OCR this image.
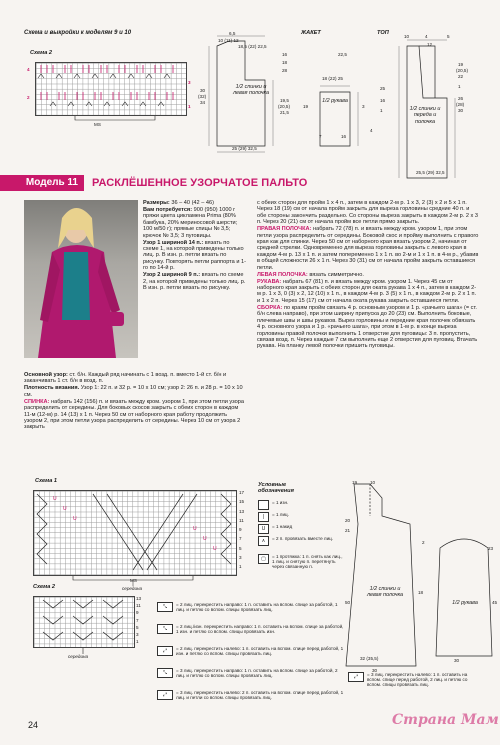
Схема и выкройки к моделям 9 и 10
Схема 2
4
2
3
1
MS
ЖАКЕТ	ТОП
6,5
10 (11) 12
18,5 (22) 22,5
16
18
28
30
(32)
34	19,5
(20,5)
21,5
25 (29) 32,5
22,5
18 (22) 25
19	3
7	16
4
25
16
1
10	4	5
12
19
(20,5)
22
1
26
(28)
30
25,5 (29) 32,5
1/2 спинки и левая полочка
1/2 рукава
1/2 спинки и переда и полочка
Модель 11	РАСКЛЁШЕННОЕ УЗОРЧАТОЕ ПАЛЬТО

Размеры: 36 – 40 (42 – 46)

Вам потребуется: 900 (950) 1000 г пряжи цвета цикламена Prima (80% бамбука, 20% мериносовой шерсти; 100 м/50 г); прямые спицы № 3,5; крючок № 3,5; 3 пуговицы.

Узор 1 шириной 14 п.: вязать по схеме 1, на которой приведены только лиц. р. В изн. р. петли вязать по рисунку. Повторять петли раппорта и 1-го по 14-й р.

Узор 2 шириной 9 п.: вязать по схеме 2, на которой приведены только лиц. р. В изн. р. петли вязать по рисунку.

Основной узор: ст. б/н. Каждый ряд начинать с 1 возд. п. вместо 1-й ст. б/н и заканчивать 1 ст. б/н в возд. п.

Плотность вязания. Узор 1: 22 п. и 32 р. = 10 х 10 см; узор 2: 26 п. и 28 р. = 10 х 10 см.

СПИНКА: набрать 142 (156) п. и вязать между кром. узором 1, при этом петли узора распределить от середины. Для боковых скосов закрыть с обеих сторон в каждом 11-м (12-м) р. 14 (13) х 1 п. Через 50 см от наборного края работу продолжить узором 2, при этом петли узора распределить от середины. Через 10 см от узора 2 закрыть

с обеих сторон для пройм 1 х 4 п., затем в каждом 2-м р. 1 х 3, 2 (3) х 2 и 5 х 1 п. Через 18 (19) см от начала пройм закрыть для выреза горловины средние 40 п. и обе стороны закончить раздельно. Со стороны выреза закрыть в каждом 2-м р. 2 х 3 п. Через 20 (21) см от начала пройм все петли прямо закрыть.

ПРАВАЯ ПОЛОЧКА: набрать 72 (78) п. и вязать между кром. узором 1, при этом петли узора распределить от середины. Боковой скос и пройму выполнить с правого края как для спинки. Через 50 см от наборного края вязать узором 2, начиная от средней стрелки. Одновременно для выреза горловины закрыть с левого края в каждом 4-м р. 13 х 1 п. и затем попеременно 1 х 1 п. во 2-м и 1 х 1 п. в 4-м р., убавив в общей сложности 26 х 1 п. Через 30 (31) см от начала пройм закрыть оставшиеся петли.

ЛЕВАЯ ПОЛОЧКА: вязать симметрично.

РУКАВА: набрать 67 (81) п. и вязать между кром. узором 1. Через 45 см от наборного края закрыть с обеих сторон для оката рукава 1 х 4 п., затем в каждом 2-м р. 1 х 3, 0 (3) х 2, 12 (10) х 1 п., в каждом 4-м р. 3 (5) х 1 п., в каждом 2-м р. 2 х 1 п. и 1 х 2 п. Через 15 (17) см от начала оката рукава закрыть оставшиеся петли.

СБОРКА: по краям пройм связать 4 р. основным узором и 1 р. «рачьего шага» (= ст. б/н слева направо), при этом ширину припуска до 20 (23) см. Выполнить боковые, плечевые швы и швы рукавов. Вырез горловины и передние края полочек обвязать 4 р. основного узора и 1 р. «рачьего шага», при этом в 1-м р. в конце выреза горловины правой полочки выполнить 1 отверстие для пуговицы: 3 п. пропустить, связав возд. п. Через каждые 7 см выполнить еще 2 отверстия для пуговиц. Втачать рукава. На планку левой полочки пришить пуговицы.

Схема 1
U
U
U
U
U
U
17
15
13
11
9
7
5
3
1
MS
середина
Схема 2
13
11
9
7
5
3
1
середина
Условные обозначения
= 1 изн.
|	= 1 лиц.
U	= 1 накид
∧	= 2 п. провязать вместе лиц.
▢	= 1 протяжка: 1 п. снять как лиц., 1 лиц. и снятую п. перетянуть через связанную п.
⤡	= 2 лиц. перекрестить направо: 1 п. оставить на вспом. спице за работой, 1 лиц. и петлю со вспом. спицы провязать лиц.
⤡	= 2 лиц./изн. перекрестить направо: 1 п. оставить на вспом. спице за работой, 1 изн. и петлю со вспом. спицы провязать изн.
⤢	= 2 лиц. перекрестить налево: 1 п. оставить на вспом. спице перед работой, 1 изн. и петлю со вспом. спицы провязать лиц.
⤡	= 3 лиц. перекрестить направо: 1 п. оставить на вспом. спице за работой, 2 лиц. и петлю со вспом. спицы провязать лиц.
⤢	= 3 лиц. перекрестить налево: 2 п. оставить на вспом. спице перед работой, 1 лиц. и петли со вспом. спицы провязать лиц.
⤢	= 3 лиц. перекрестить налево: 1 п. оставить на вспом. спице перед работой, 2 лиц. и петлю со вспом. спицы провязать лиц.
1/2 спинки и левая полочка
1/2 рукава
19	10
20
21
2
23
50
18
45
30
30
32 (35,5)
24	Страна Мам
